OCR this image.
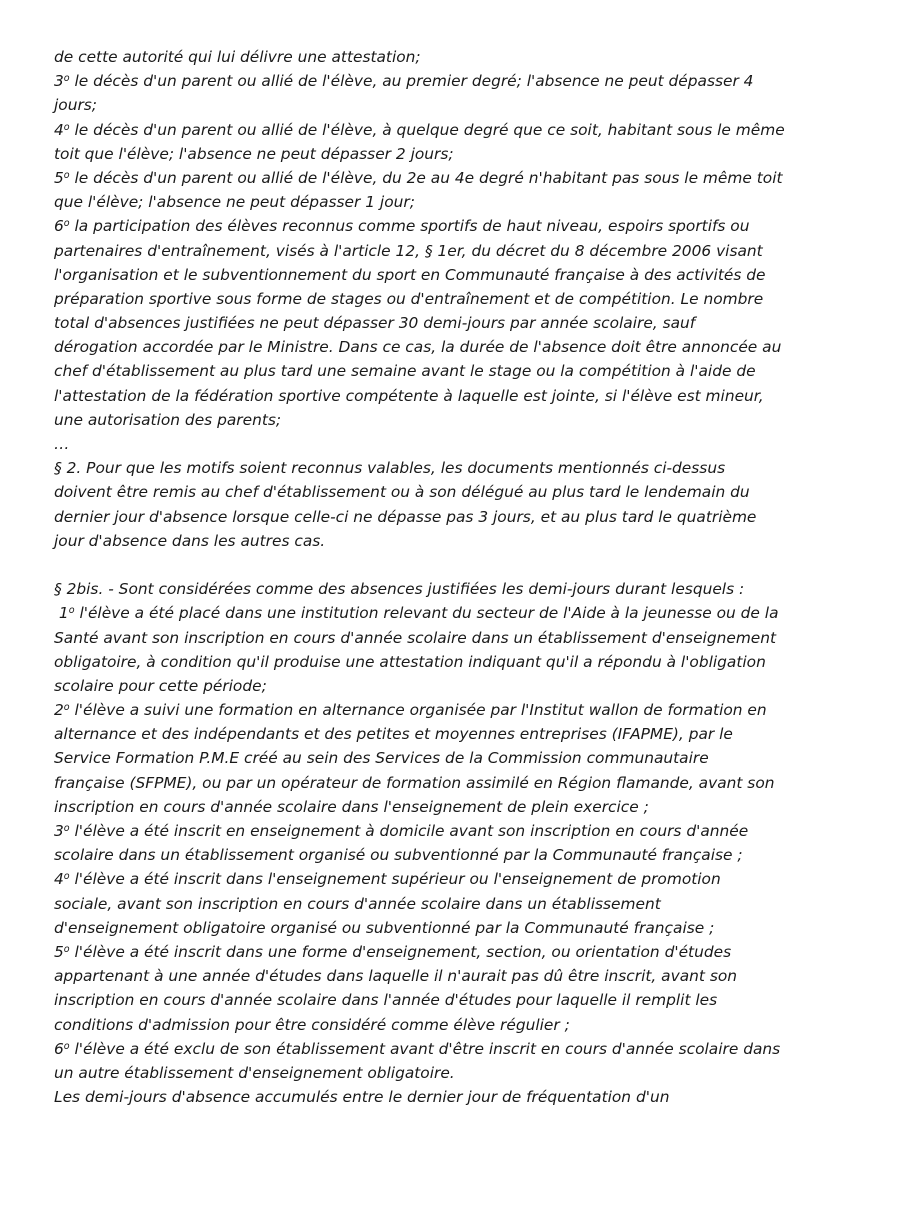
de cette autorité qui lui délivre une attestation;
3$^o$ le décès d'un parent ou allié de l'élève, au premier degré; l'absence ne peut dépasser 4
jours;
4$^o$ le décès d'un parent ou allié de l'élève, à quelque degré que ce soit, habitant sous le même
toit que l'élève; l'absence ne peut dépasser 2 jours;
5$^o$ le décès d'un parent ou allié de l'élève, du 2e au 4e degré n'habitant pas sous le même toit
que l'élève; l'absence ne peut dépasser 1 jour;
6$^o$ la participation des élèves reconnus comme sportifs de haut niveau, espoirs sportifs ou
partenaires d'entraînement, visés à l'article 12, § 1er, du décret du 8 décembre 2006 visant
l'organisation et le subventionnement du sport en Communauté française à des activités de
préparation sportive sous forme de stages ou d'entraînement et de compétition. Le nombre
total d'absences justifiées ne peut dépasser 30 demi-jours par année scolaire, sauf
dérogation accordée par le Ministre. Dans ce cas, la durée de l'absence doit être annoncée au
chef d'établissement au plus tard une semaine avant le stage ou la compétition à l'aide de
l'attestation de la fédération sportive compétente à laquelle est jointe, si l'élève est mineur,
une autorisation des parents;
…
§ 2. Pour que les motifs soient reconnus valables, les documents mentionnés ci-dessus
doivent être remis au chef d'établissement ou à son délégué au plus tard le lendemain du
dernier jour d'absence lorsque celle-ci ne dépasse pas 3 jours, et au plus tard le quatrième
jour d'absence dans les autres cas.
§ 2bis. - Sont considérées comme des absences justifiées les demi-jours durant lesquels :
1$^o$ l'élève a été placé dans une institution relevant du secteur de l'Aide à la jeunesse ou de la
Santé avant son inscription en cours d'année scolaire dans un établissement d'enseignement
obligatoire, à condition qu'il produise une attestation indiquant qu'il a répondu à l'obligation
scolaire pour cette période;
2$^o$ l'élève a suivi une formation en alternance organisée par l'Institut wallon de formation en
alternance et des indépendants et des petites et moyennes entreprises (IFAPME), par le
Service Formation P.M.E créé au sein des Services de la Commission communautaire
française (SFPME), ou par un opérateur de formation assimilé en Région flamande, avant son
inscription en cours d'année scolaire dans l'enseignement de plein exercice ;
3$^o$ l'élève a été inscrit en enseignement à domicile avant son inscription en cours d'année
scolaire dans un établissement organisé ou subventionné par la Communauté française ;
4$^o$ l'élève a été inscrit dans l'enseignement supérieur ou l'enseignement de promotion
sociale, avant son inscription en cours d'année scolaire dans un établissement
d'enseignement obligatoire organisé ou subventionné par la Communauté française ;
5$^o$ l'élève a été inscrit dans une forme d'enseignement, section, ou orientation d'études
appartenant à une année d'études dans laquelle il n'aurait pas dû être inscrit, avant son
inscription en cours d'année scolaire dans l'année d'études pour laquelle il remplit les
conditions d'admission pour être considéré comme élève régulier ;
6$^o$ l'élève a été exclu de son établissement avant d'être inscrit en cours d'année scolaire dans
un autre établissement d'enseignement obligatoire.
Les demi-jours d'absence accumulés entre le dernier jour de fréquentation d'un
